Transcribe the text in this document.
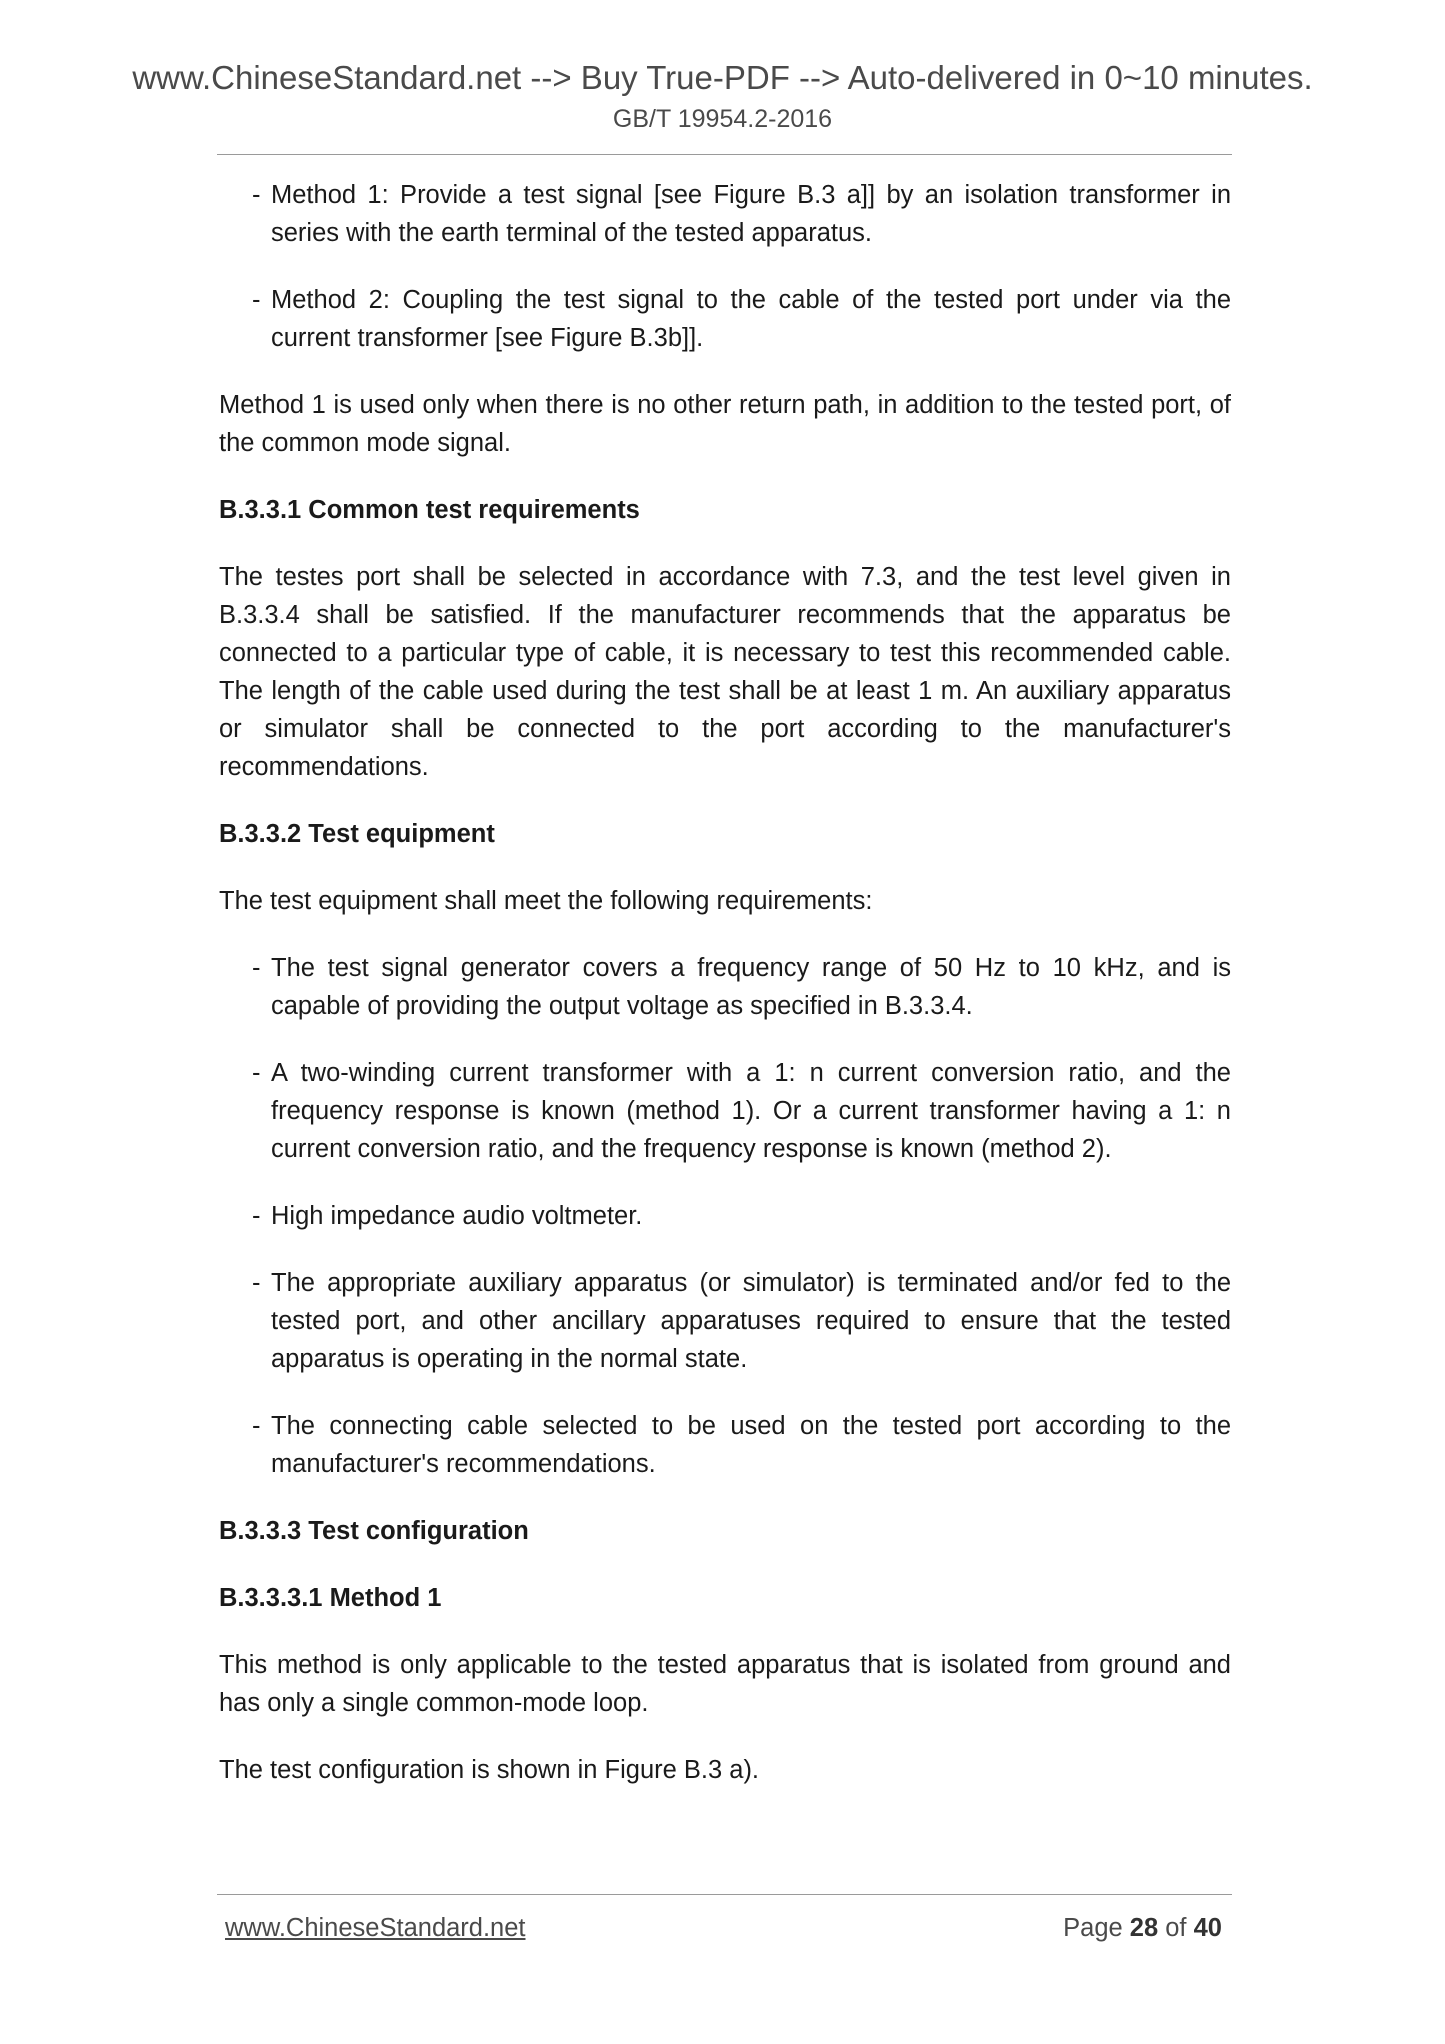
www.ChineseStandard.net --> Buy True-PDF --> Auto-delivered in 0~10 minutes.
GB/T 19954.2-2016
- Method 1: Provide a test signal [see Figure B.3 a]] by an isolation transformer in series with the earth terminal of the tested apparatus.
- Method 2: Coupling the test signal to the cable of the tested port under via the current transformer [see Figure B.3b]].

Method 1 is used only when there is no other return path, in addition to the tested port, of the common mode signal.

B.3.3.1 Common test requirements

The testes port shall be selected in accordance with 7.3, and the test level given in B.3.3.4 shall be satisfied. If the manufacturer recommends that the apparatus be connected to a particular type of cable, it is necessary to test this recommended cable. The length of the cable used during the test shall be at least 1 m. An auxiliary apparatus or simulator shall be connected to the port according to the manufacturer's recommendations.

B.3.3.2 Test equipment

The test equipment shall meet the following requirements:

- The test signal generator covers a frequency range of 50 Hz to 10 kHz, and is capable of providing the output voltage as specified in B.3.3.4.
- A two-winding current transformer with a 1: n current conversion ratio, and the frequency response is known (method 1). Or a current transformer having a 1: n current conversion ratio, and the frequency response is known (method 2).
- High impedance audio voltmeter.
- The appropriate auxiliary apparatus (or simulator) is terminated and/or fed to the tested port, and other ancillary apparatuses required to ensure that the tested apparatus is operating in the normal state.
- The connecting cable selected to be used on the tested port according to the manufacturer's recommendations.
B.3.3.3 Test configuration
B.3.3.3.1 Method 1

This method is only applicable to the tested apparatus that is isolated from ground and has only a single common-mode loop.

The test configuration is shown in Figure B.3 a).

www.ChineseStandard.net	Page 28 of 40
